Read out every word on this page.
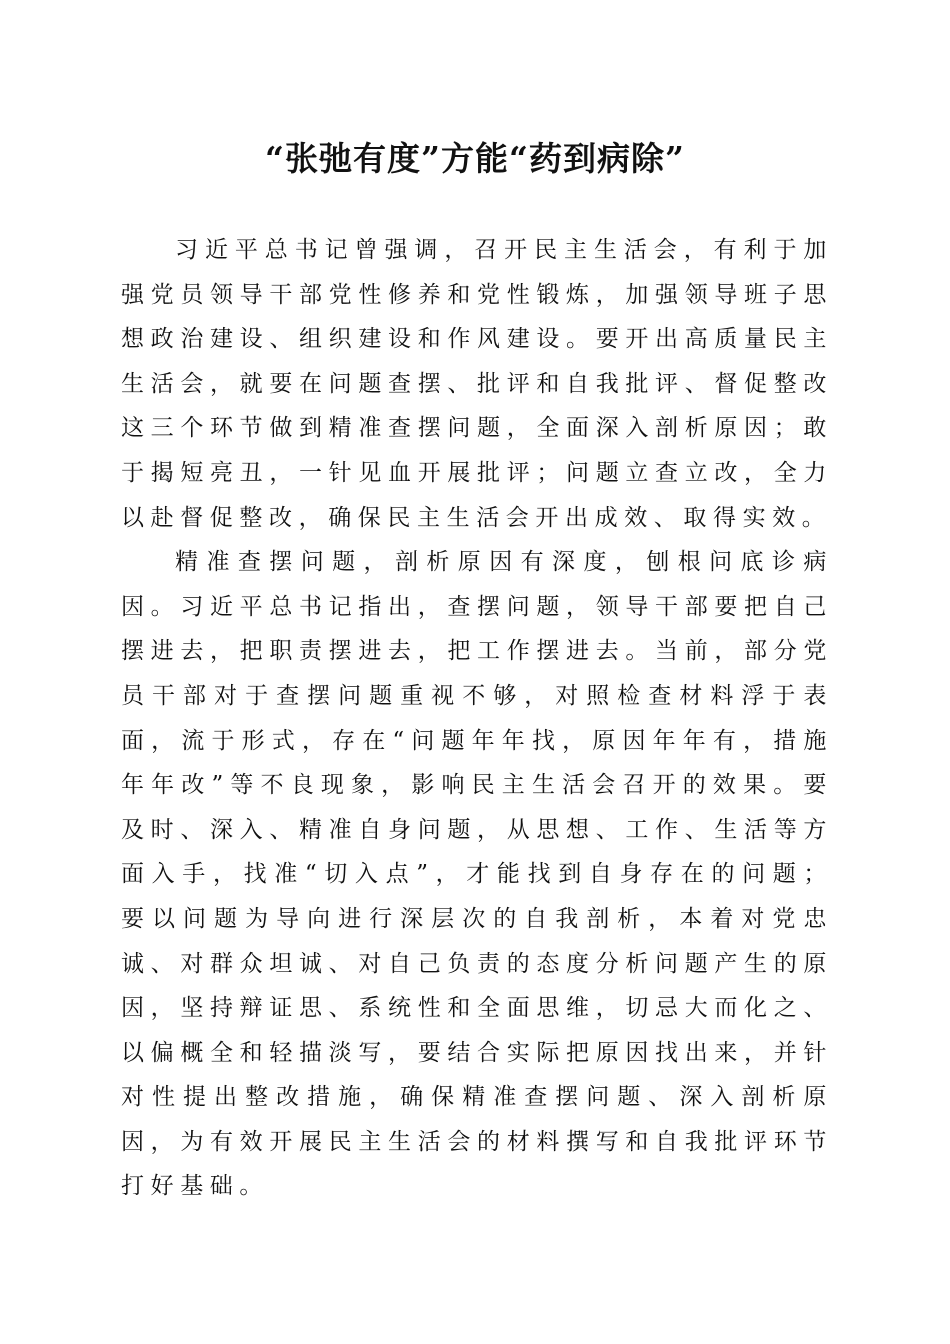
“张弛有度”方能“药到病除”

习近平总书记曾强调，召开民主生活会，有利于加强党员领导干部党性修养和党性锻炼，加强领导班子思想政治建设、组织建设和作风建设。要开出高质量民主生活会，就要在问题查摆、批评和自我批评、督促整改这三个环节做到精准查摆问题，全面深入剖析原因；敢于揭短亮丑，一针见血开展批评；问题立查立改，全力以赴督促整改，确保民主生活会开出成效、取得实效。

精准查摆问题，剖析原因有深度，刨根问底诊病因。习近平总书记指出，查摆问题，领导干部要把自己摆进去，把职责摆进去，把工作摆进去。当前，部分党员干部对于查摆问题重视不够，对照检查材料浮于表面，流于形式，存在“问题年年找，原因年年有，措施年年改”等不良现象，影响民主生活会召开的效果。要及时、深入、精准自身问题，从思想、工作、生活等方面入手，找准“切入点”，才能找到自身存在的问题；要以问题为导向进行深层次的自我剖析，本着对党忠诚、对群众坦诚、对自己负责的态度分析问题产生的原因，坚持辩证思、系统性和全面思维，切忌大而化之、以偏概全和轻描淡写，要结合实际把原因找出来，并针对性提出整改措施，确保精准查摆问题、深入剖析原因，为有效开展民主生活会的材料撰写和自我批评环节打好基础。
